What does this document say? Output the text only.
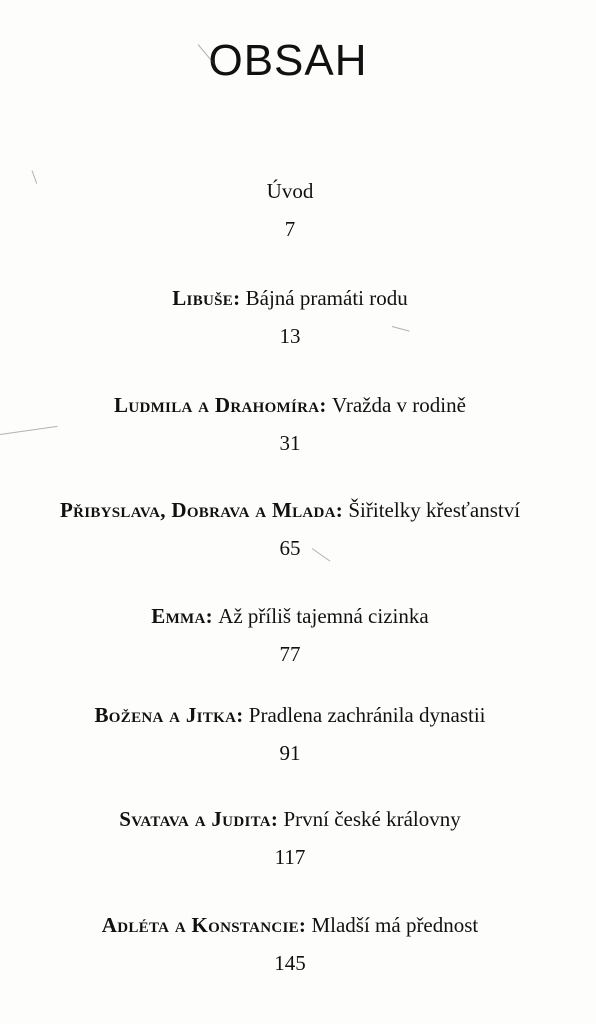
OBSAH
Úvod
7
Libuše: Bájná pramáti rodu
13
Ludmila a Drahomíra: Vražda v rodině
31
Přibyslava, Dobrava a Mlada: Šiřitelky křesťanství
65
Emma: Až příliš tajemná cizinka
77
Božena a Jitka: Pradlena zachránila dynastii
91
Svatava a Judita: První české královny
117
Adléta a Konstancie: Mladší má přednost
145
